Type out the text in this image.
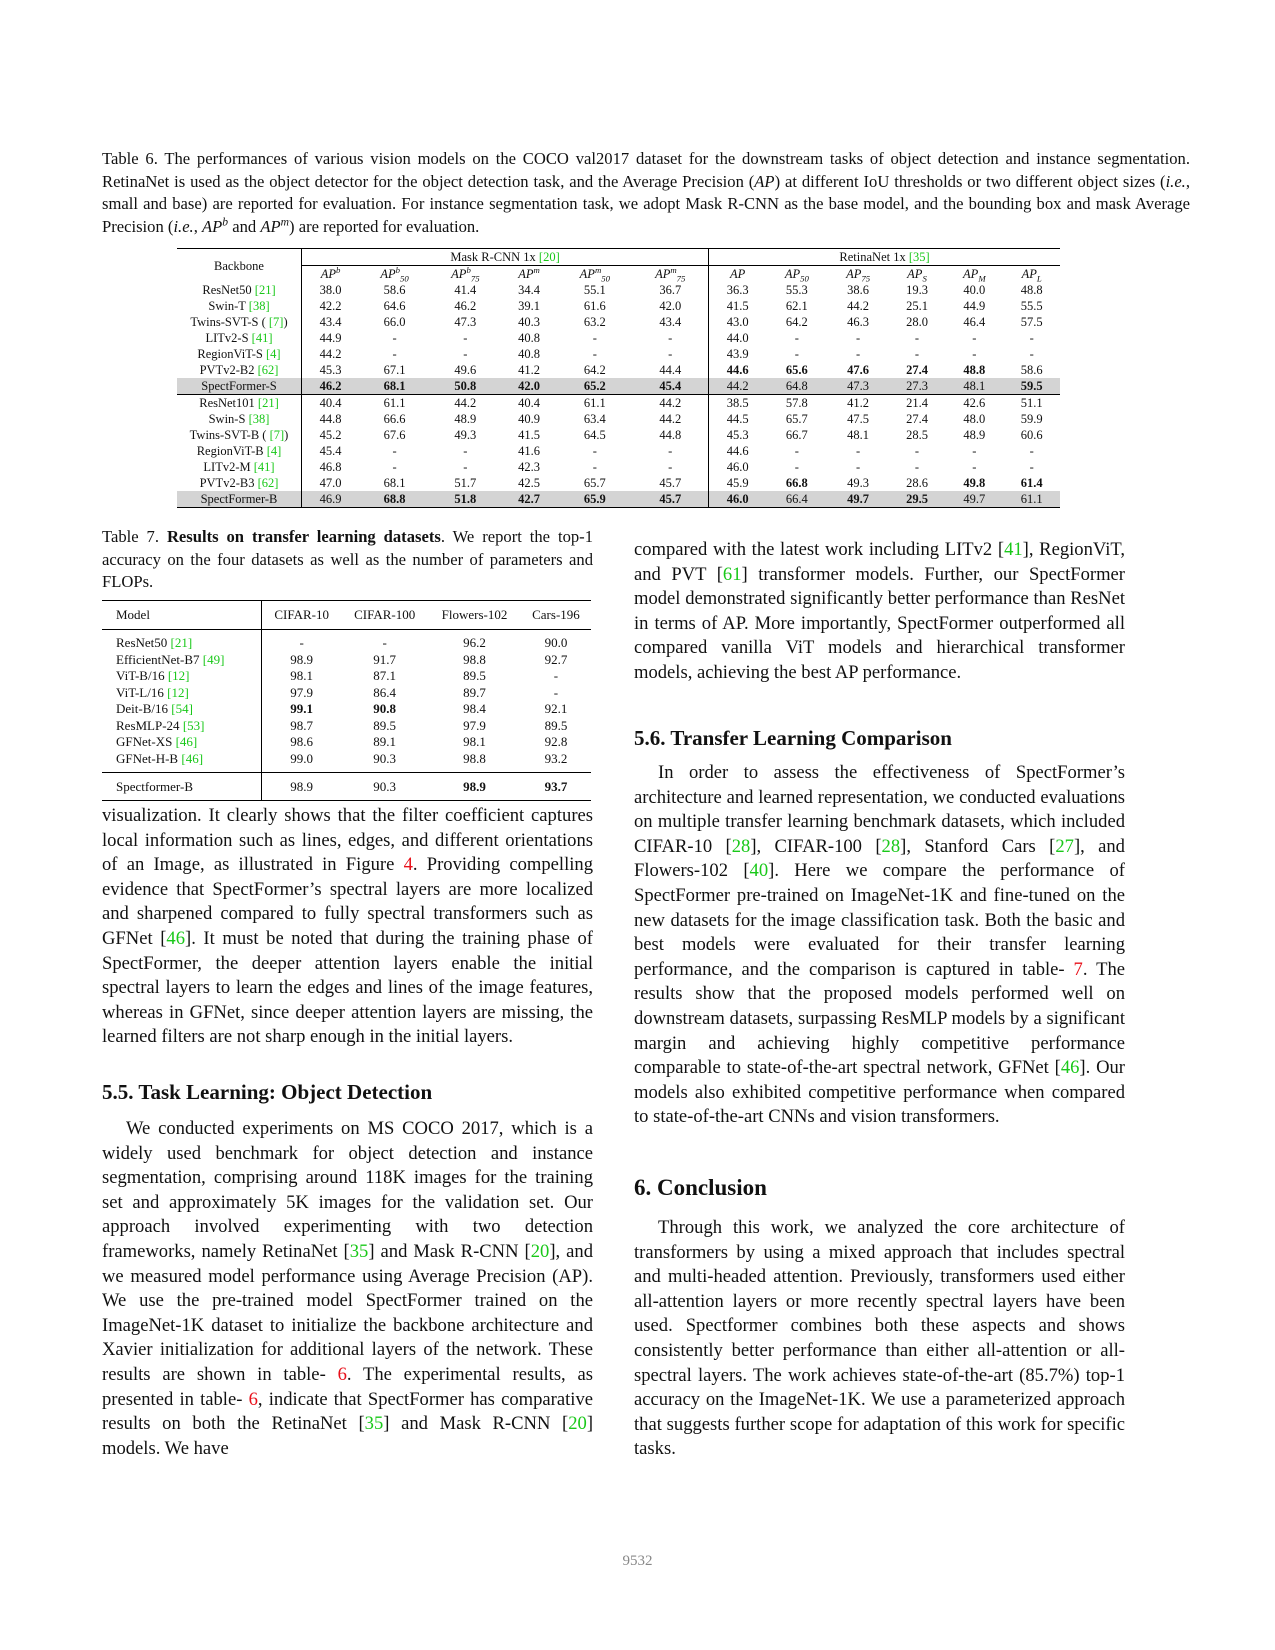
Table 6. The performances of various vision models on the COCO val2017 dataset for the downstream tasks of object detection and instance segmentation. RetinaNet is used as the object detector for the object detection task, and the Average Precision (AP) at different IoU thresholds or two different object sizes (i.e., small and base) are reported for evaluation. For instance segmentation task, we adopt Mask R-CNN as the base model, and the bounding box and mask Average Precision (i.e., $AP^b$ and $AP^m$) are reported for evaluation.
Backbone	Mask R-CNN 1x [20]						RetinaNet 1x [35]					
	$AP^b$	$AP^b_{50}$	$AP^b_{75}$	$AP^m$	$AP^m_{50}$	$AP^m_{75}$	AP	$AP_{50}$	$AP_{75}$	$AP_S$	$AP_M$	$AP_L$
ResNet50 [21]	38.0	58.6	41.4	34.4	55.1	36.7	36.3	55.3	38.6	19.3	40.0	48.8
Swin-T [38]	42.2	64.6	46.2	39.1	61.6	42.0	41.5	62.1	44.2	25.1	44.9	55.5
Twins-SVT-S ( [7])	43.4	66.0	47.3	40.3	63.2	43.4	43.0	64.2	46.3	28.0	46.4	57.5
LITv2-S [41]	44.9	-	-	40.8	-	-	44.0	-	-	-	-	-
RegionViT-S [4]	44.2	-	-	40.8	-	-	43.9	-	-	-	-	-
PVTv2-B2 [62]	45.3	67.1	49.6	41.2	64.2	44.4	44.6	65.6	47.6	27.4	48.8	58.6
SpectFormer-S	46.2	68.1	50.8	42.0	65.2	45.4	44.2	64.8	47.3	27.3	48.1	59.5
ResNet101 [21]	40.4	61.1	44.2	40.4	61.1	44.2	38.5	57.8	41.2	21.4	42.6	51.1
Swin-S [38]	44.8	66.6	48.9	40.9	63.4	44.2	44.5	65.7	47.5	27.4	48.0	59.9
Twins-SVT-B ( [7])	45.2	67.6	49.3	41.5	64.5	44.8	45.3	66.7	48.1	28.5	48.9	60.6
RegionViT-B [4]	45.4	-	-	41.6	-	-	44.6	-	-	-	-	-
LITv2-M [41]	46.8	-	-	42.3	-	-	46.0	-	-	-	-	-
PVTv2-B3 [62]	47.0	68.1	51.7	42.5	65.7	45.7	45.9	66.8	49.3	28.6	49.8	61.4
SpectFormer-B	46.9	68.8	51.8	42.7	65.9	45.7	46.0	66.4	49.7	29.5	49.7	61.1
Table 7. Results on transfer learning datasets. We report the top-1 accuracy on the four datasets as well as the number of parameters and FLOPs.
Model	CIFAR-10	CIFAR-100	Flowers-102	Cars-196

ResNet50 [21]	-	-	96.2	90.0
EfficientNet-B7 [49]	98.9	91.7	98.8	92.7
ViT-B/16 [12]	98.1	87.1	89.5	-
ViT-L/16 [12]	97.9	86.4	89.7	-
Deit-B/16 [54]	99.1	90.8	98.4	92.1
ResMLP-24 [53]	98.7	89.5	97.9	89.5
GFNet-XS [46]	98.6	89.1	98.1	92.8
GFNet-H-B [46]	99.0	90.3	98.8	93.2

Spectformer-B	98.9	90.3	98.9	93.7
visualization. It clearly shows that the filter coefficient captures local information such as lines, edges, and different orientations of an Image, as illustrated in Figure 4. Providing compelling evidence that SpectFormer’s spectral layers are more localized and sharpened compared to fully spectral transformers such as GFNet [46]. It must be noted that during the training phase of SpectFormer, the deeper attention layers enable the initial spectral layers to learn the edges and lines of the image features, whereas in GFNet, since deeper attention layers are missing, the learned filters are not sharp enough in the initial layers.
5.5. Task Learning: Object Detection
We conducted experiments on MS COCO 2017, which is a widely used benchmark for object detection and instance segmentation, comprising around 118K images for the training set and approximately 5K images for the validation set. Our approach involved experimenting with two detection frameworks, namely RetinaNet [35] and Mask R-CNN [20], and we measured model performance using Average Precision (AP). We use the pre-trained model SpectFormer trained on the ImageNet-1K dataset to initialize the backbone architecture and Xavier initialization for additional layers of the network. These results are shown in table- 6. The experimental results, as presented in table- 6, indicate that SpectFormer has comparative results on both the RetinaNet [35] and Mask R-CNN [20] models. We have
compared with the latest work including LITv2 [41], RegionViT, and PVT [61] transformer models. Further, our SpectFormer model demonstrated significantly better performance than ResNet in terms of AP. More importantly, SpectFormer outperformed all compared vanilla ViT models and hierarchical transformer models, achieving the best AP performance.
5.6. Transfer Learning Comparison
In order to assess the effectiveness of SpectFormer’s architecture and learned representation, we conducted evaluations on multiple transfer learning benchmark datasets, which included CIFAR-10 [28], CIFAR-100 [28], Stanford Cars [27], and Flowers-102 [40]. Here we compare the performance of SpectFormer pre-trained on ImageNet-1K and fine-tuned on the new datasets for the image classification task. Both the basic and best models were evaluated for their transfer learning performance, and the comparison is captured in table- 7. The results show that the proposed models performed well on downstream datasets, surpassing ResMLP models by a significant margin and achieving highly competitive performance comparable to state-of-the-art spectral network, GFNet [46]. Our models also exhibited competitive performance when compared to state-of-the-art CNNs and vision transformers.
6. Conclusion
Through this work, we analyzed the core architecture of transformers by using a mixed approach that includes spectral and multi-headed attention. Previously, transformers used either all-attention layers or more recently spectral layers have been used. Spectformer combines both these aspects and shows consistently better performance than either all-attention or all-spectral layers. The work achieves state-of-the-art (85.7%) top-1 accuracy on the ImageNet-1K. We use a parameterized approach that suggests further scope for adaptation of this work for specific tasks.
9532
